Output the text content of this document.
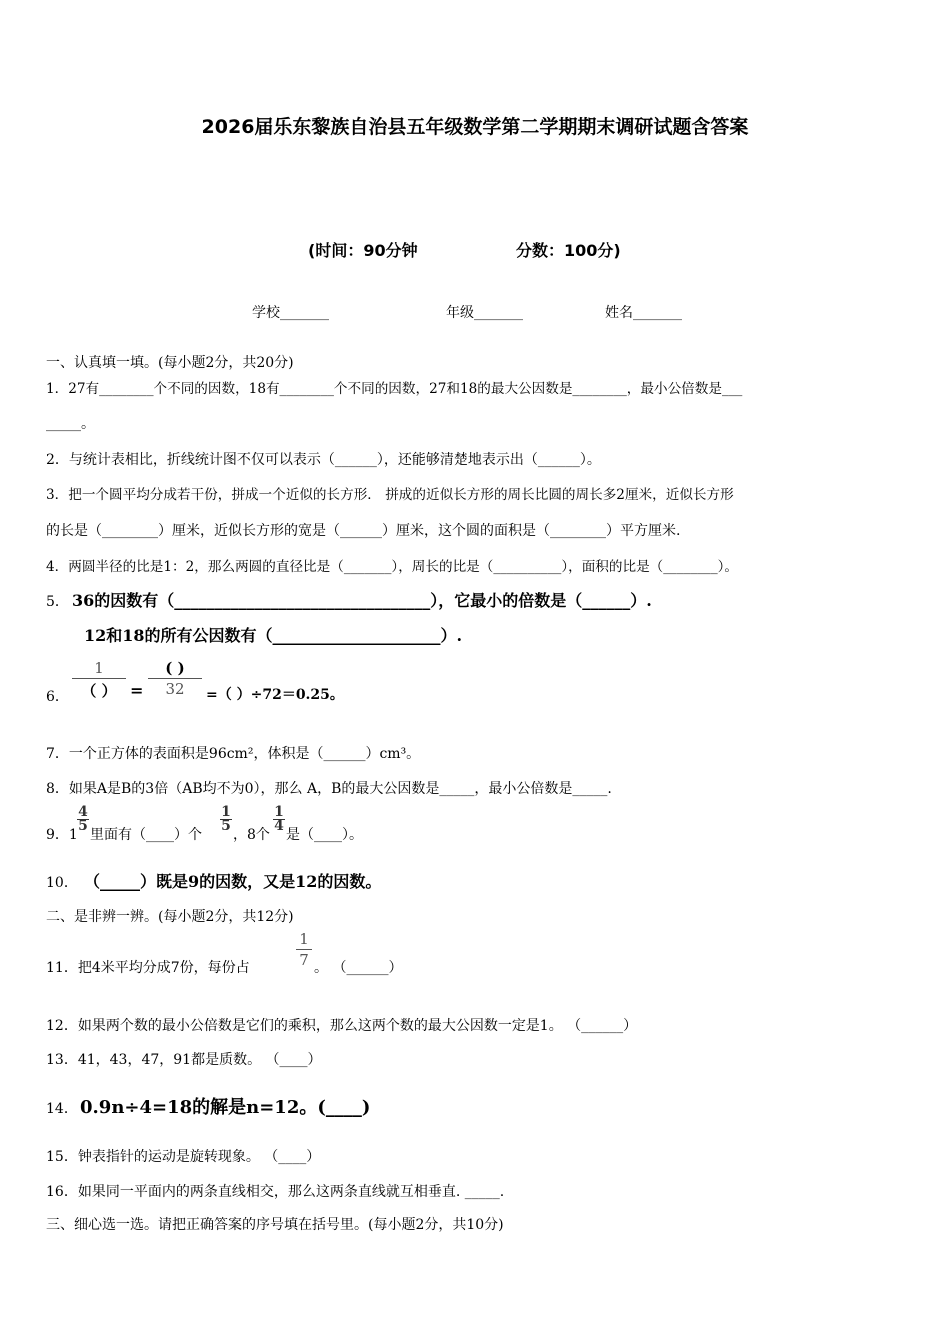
2026届乐东黎族自治县五年级数学第二学期期末调研试题含答案
(时间：90分钟	分数：100分)
学校_______	年级_______	姓名_______
一、认真填一填。(每小题2分，共20分)
1．27有________个不同的因数，18有________个不同的因数，27和18的最大公因数是________，最小公倍数是___
_____。
2．与统计表相比，折线统计图不仅可以表示（______），还能够清楚地表示出（______）。
3．把一个圆平均分成若干份，拼成一个近似的长方形． 拼成的近似长方形的周长比圆的周长多2厘米，近似长方形
的长是（________）厘米，近似长方形的宽是（______）厘米，这个圆的面积是（________）平方厘米.
4．两圆半径的比是1：2，那么两圆的直径比是（_______），周长的比是（__________），面积的比是（________）。
5． 36的因数有（________________________________），它最小的倍数是（______）.
12和18的所有公因数有（_____________________）.
6．
1
（ ） =
( )
32	=（ ）÷72＝0.25。
7．一个正方体的表面积是96cm²，体积是（______）cm³。
8．如果A是B的3倍（AB均不为0），那么 A，B的最大公因数是_____，最小公倍数是_____.
9．1
4
5
里面有（____）个
1
5
，8个
1
4
是（____）。
10． （_____）既是9的因数，又是12的因数。
二、是非辨一辨。(每小题2分，共12分)
11．把4米平均分成7份，每份占
1
7 。 （______）
12．如果两个数的最小公倍数是它们的乘积，那么这两个数的最大公因数一定是1。 （______）
13．41，43，47，91都是质数。 （____）
14． 0.9n÷4=18的解是n=12。(____)
15．钟表指针的运动是旋转现象。 （____）
16．如果同一平面内的两条直线相交，那么这两条直线就互相垂直. _____.
三、细心选一选。请把正确答案的序号填在括号里。(每小题2分，共10分)
